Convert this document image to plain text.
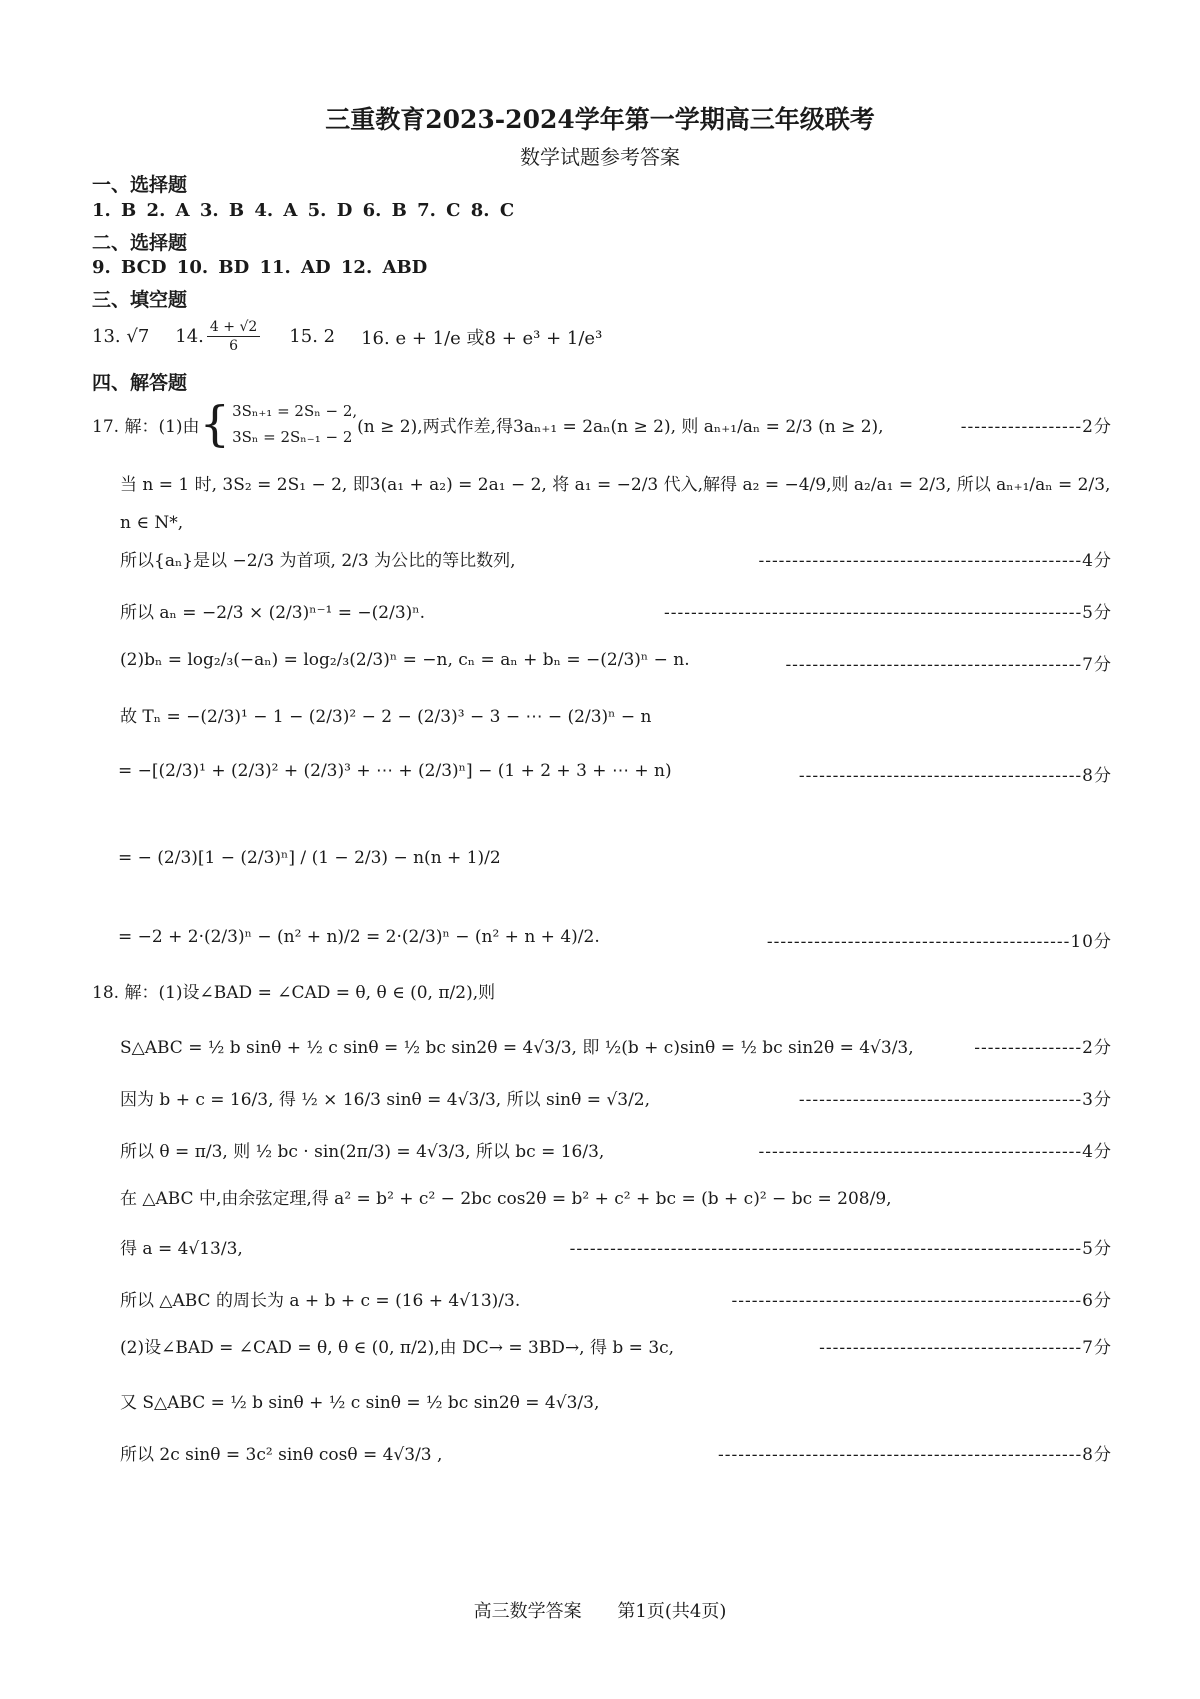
三重教育2023-2024学年第一学期高三年级联考
数学试题参考答案
一、选择题
1. B 2. A 3. B 4. A 5. D 6. B 7. C 8. C
二、选择题
9. BCD 10. BD 11. AD 12. ABD
三、填空题
13. √7 14. $\frac{4 + √2}{6} 15$. 2 16. e + 1/e 或8 + e³ + 1/e³
四、解答题
17. 解：(1)由 { 3Sₙ₊₁ = 2Sₙ − 2,
3Sₙ = 2Sₙ₋₁ − 2
(n ≥ 2),两式作差,得3aₙ₊₁ = 2aₙ(n ≥ 2), 则 aₙ₊₁/aₙ = 2/3 (n ≥ 2),	------------------2分
当 n = 1 时, 3S₂ = 2S₁ − 2, 即3(a₁ + a₂) = 2a₁ − 2, 将 a₁ = −2/3 代入,解得 a₂ = −4/9,则 a₂/a₁ = 2/3, 所以 aₙ₊₁/aₙ = 2/3,
n ∈ N*,
所以{aₙ}是以 −2/3 为首项, 2/3 为公比的等比数列,	------------------------------------------------4分
所以 aₙ = −2/3 × (2/3)ⁿ⁻¹ = −(2/3)ⁿ.	--------------------------------------------------------------5分
(2)bₙ = log₂/₃(−aₙ) = log₂/₃(2/3)ⁿ = −n, cₙ = aₙ + bₙ = −(2/3)ⁿ − n.	--------------------------------------------7分
故 Tₙ = −(2/3)¹ − 1 − (2/3)² − 2 − (2/3)³ − 3 − ⋯ − (2/3)ⁿ − n
= −[(2/3)¹ + (2/3)² + (2/3)³ + ⋯ + (2/3)ⁿ] − (1 + 2 + 3 + ⋯ + n)	------------------------------------------8分
= − (2/3)[1 − (2/3)ⁿ] / (1 − 2/3) − n(n + 1)/2
= −2 + 2·(2/3)ⁿ − (n² + n)/2 = 2·(2/3)ⁿ − (n² + n + 4)/2.	---------------------------------------------10分
18. 解：(1)设∠BAD = ∠CAD = θ, θ ∈ (0, π/2),则
S△ABC = ½ b sinθ + ½ c sinθ = ½ bc sin2θ = 4√3/3, 即 ½(b + c)sinθ = ½ bc sin2θ = 4√3/3,	----------------2分
因为 b + c = 16/3, 得 ½ × 16/3 sinθ = 4√3/3, 所以 sinθ = √3/2,	------------------------------------------3分
所以 θ = π/3, 则 ½ bc · sin(2π/3) = 4√3/3, 所以 bc = 16/3,	------------------------------------------------4分
在 △ABC 中,由余弦定理,得 a² = b² + c² − 2bc cos2θ = b² + c² + bc = (b + c)² − bc = 208/9,
得 a = 4√13/3,	----------------------------------------------------------------------------5分
所以 △ABC 的周长为 a + b + c = (16 + 4√13)/3.	----------------------------------------------------6分
(2)设∠BAD = ∠CAD = θ, θ ∈ (0, π/2),由 DC→ = 3BD→, 得 b = 3c,	---------------------------------------7分
又 S△ABC = ½ b sinθ + ½ c sinθ = ½ bc sin2θ = 4√3/3,
所以 2c sinθ = 3c² sinθ cosθ = 4√3/3 ,	------------------------------------------------------8分
高三数学答案 第1页(共4页)
